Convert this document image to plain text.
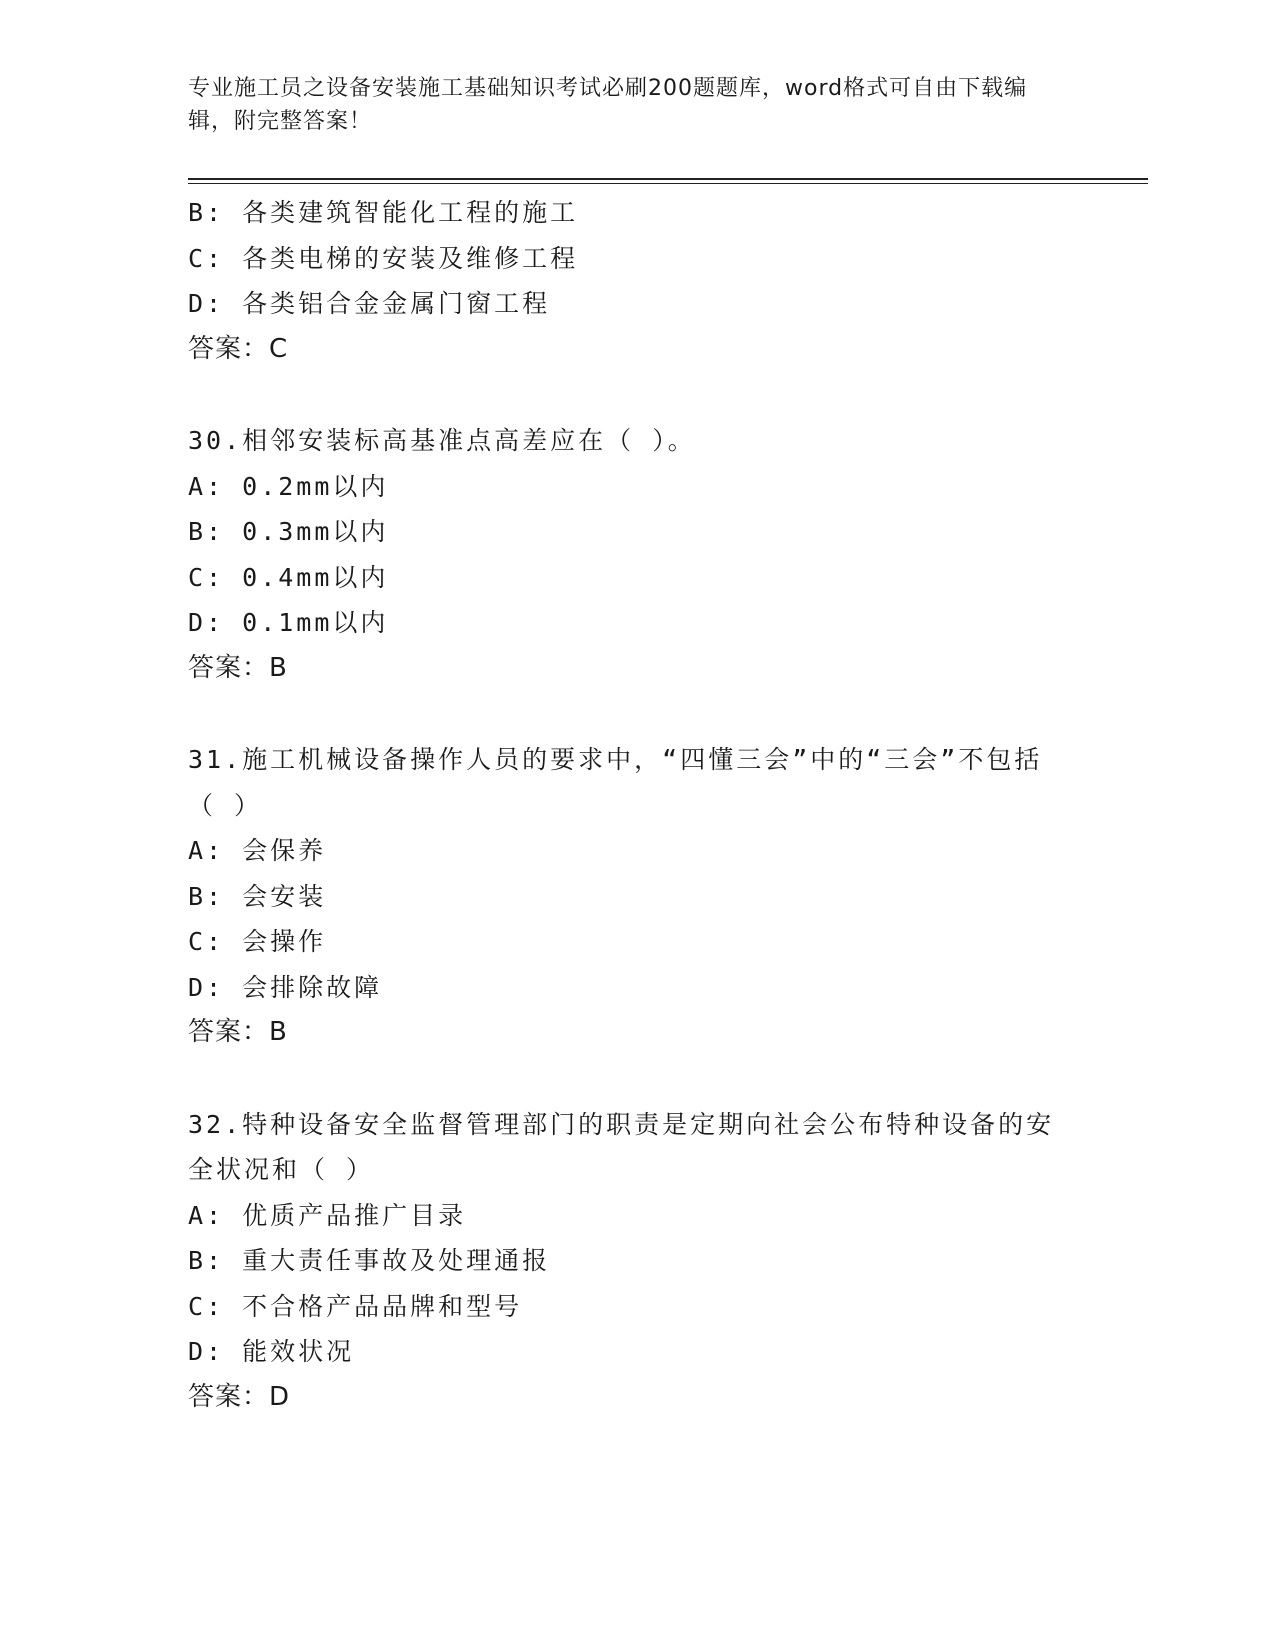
专业施工员之设备安装施工基础知识考试必刷200题题库，word格式可自由下载编辑，附完整答案！
B: 各类建筑智能化工程的施工
C: 各类电梯的安装及维修工程
D: 各类铝合金金属门窗工程
答案：C
30.相邻安装标高基准点高差应在（ ）。
A: 0.2mm以内
B: 0.3mm以内
C: 0.4mm以内
D: 0.1mm以内
答案：B
31.施工机械设备操作人员的要求中，“四懂三会”中的“三会”不包括（ ）
A: 会保养
B: 会安装
C: 会操作
D: 会排除故障
答案：B
32.特种设备安全监督管理部门的职责是定期向社会公布特种设备的安全状况和（ ）
A: 优质产品推广目录
B: 重大责任事故及处理通报
C: 不合格产品品牌和型号
D: 能效状况
答案：D
